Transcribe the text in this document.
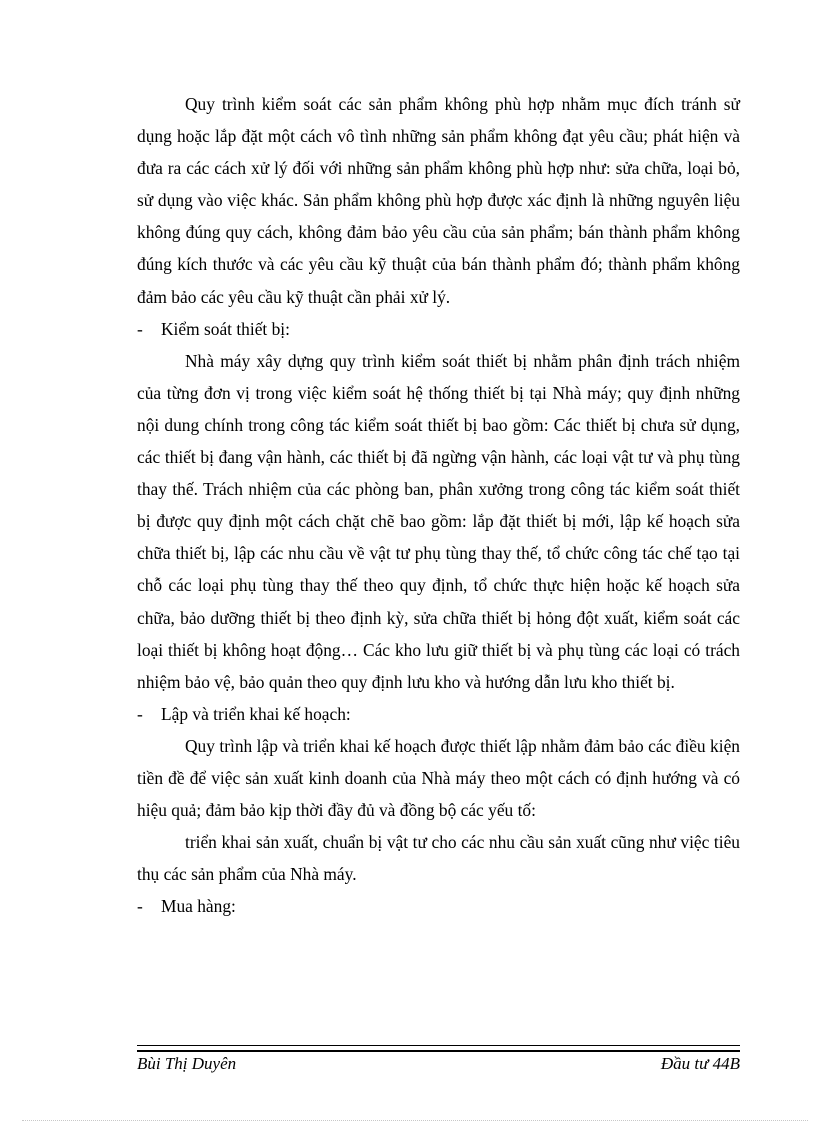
Quy trình kiểm soát các sản phẩm không phù hợp nhằm mục đích tránh sử dụng hoặc lắp đặt một cách vô tình những sản phẩm không đạt yêu cầu; phát hiện và đưa ra các cách xử lý đối với những sản phẩm không phù hợp như: sửa chữa, loại bỏ, sử dụng vào việc khác. Sản phẩm không phù hợp được xác định là những nguyên liệu không đúng quy cách, không đảm bảo yêu cầu của sản phẩm; bán thành phẩm không đúng kích thước và các yêu cầu kỹ thuật của bán thành phẩm đó; thành phẩm không đảm bảo các yêu cầu kỹ thuật cần phải xử lý.

- Kiểm soát thiết bị:

Nhà máy xây dựng quy trình kiểm soát thiết bị nhằm phân định trách nhiệm của từng đơn vị trong việc kiểm soát hệ thống thiết bị tại Nhà máy; quy định những nội dung chính trong công tác kiểm soát thiết bị bao gồm: Các thiết bị chưa sử dụng, các thiết bị đang vận hành, các thiết bị đã ngừng vận hành, các loại vật tư và phụ tùng thay thế. Trách nhiệm của các phòng ban, phân xưởng trong công tác kiểm soát thiết bị được quy định một cách chặt chẽ bao gồm: lắp đặt thiết bị mới, lập kế hoạch sửa chữa thiết bị, lập các nhu cầu về vật tư phụ tùng thay thế, tổ chức công tác chế tạo tại chỗ các loại phụ tùng thay thế theo quy định, tổ chức thực hiện hoặc kế hoạch sửa chữa, bảo dưỡng thiết bị theo định kỳ, sửa chữa thiết bị hỏng đột xuất, kiểm soát các loại thiết bị không hoạt động… Các kho lưu giữ thiết bị và phụ tùng các loại có trách nhiệm bảo vệ, bảo quản theo quy định lưu kho và hướng dẫn lưu kho thiết bị.

- Lập và triển khai kế hoạch:

Quy trình lập và triển khai kế hoạch được thiết lập nhằm đảm bảo các điều kiện tiền đề để việc sản xuất kinh doanh của Nhà máy theo một cách có định hướng và có hiệu quả; đảm bảo kịp thời đầy đủ và đồng bộ các yếu tố:

triển khai sản xuất, chuẩn bị vật tư cho các nhu cầu sản xuất cũng như việc tiêu thụ các sản phẩm của Nhà máy.

- Mua hàng:

Bùi Thị Duyên	Đầu tư 44B
